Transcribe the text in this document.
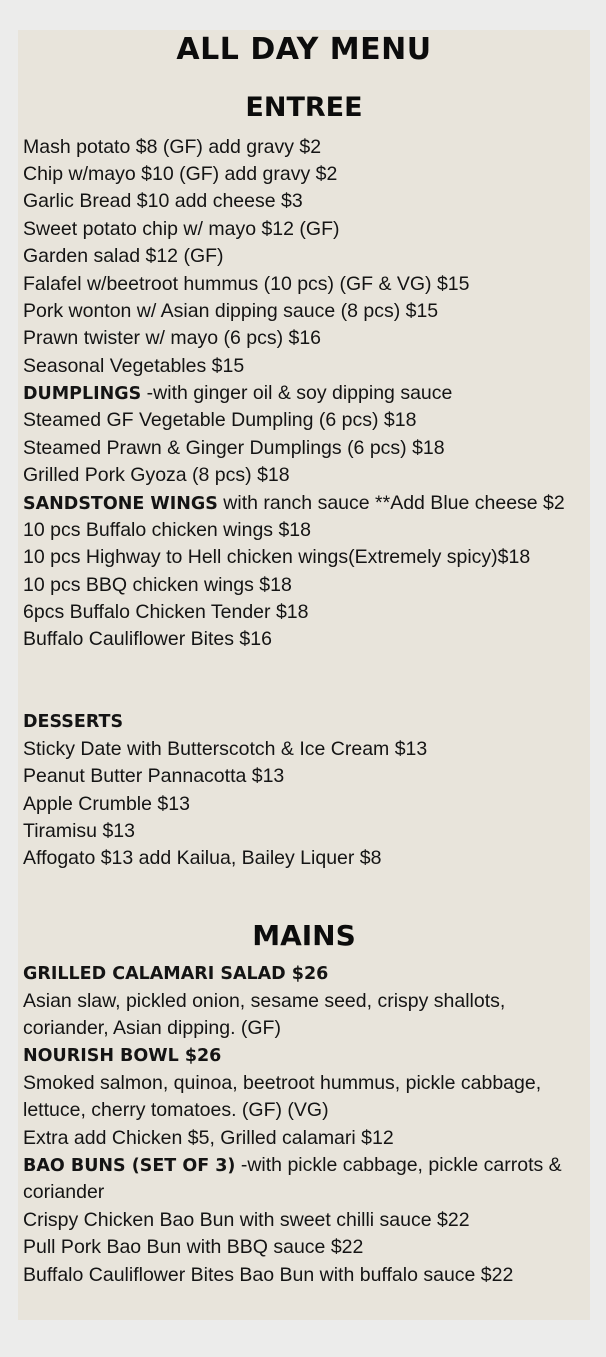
ALL DAY MENU
ENTREE
Mash potato $8 (GF) add gravy $2
Chip w/mayo $10 (GF) add gravy $2
Garlic Bread $10 add cheese $3
Sweet potato chip w/ mayo $12 (GF)
Garden salad $12 (GF)
Falafel w/beetroot hummus (10 pcs) (GF & VG) $15
Pork wonton w/ Asian dipping sauce (8 pcs) $15
Prawn twister w/ mayo (6 pcs) $16
Seasonal Vegetables $15
DUMPLINGS -with ginger oil & soy dipping sauce
Steamed GF Vegetable Dumpling (6 pcs) $18
Steamed Prawn & Ginger Dumplings (6 pcs) $18
Grilled Pork Gyoza (8 pcs) $18
SANDSTONE WINGS with ranch sauce **Add Blue cheese $2
10 pcs Buffalo chicken wings $18
10 pcs Highway to Hell chicken wings(Extremely spicy)$18
10 pcs BBQ chicken wings $18
6pcs Buffalo Chicken Tender $18
Buffalo Cauliflower Bites $16
DESSERTS
Sticky Date with Butterscotch & Ice Cream $13
Peanut Butter Pannacotta $13
Apple Crumble $13
Tiramisu $13
Affogato $13 add Kailua, Bailey Liquer $8
MAINS
GRILLED CALAMARI SALAD $26
Asian slaw, pickled onion, sesame seed, crispy shallots,
coriander, Asian dipping. (GF)
NOURISH BOWL $26
Smoked salmon, quinoa, beetroot hummus, pickle cabbage,
lettuce, cherry tomatoes. (GF) (VG)
Extra add Chicken $5, Grilled calamari $12
BAO BUNS (SET OF 3) -with pickle cabbage, pickle carrots &
coriander
Crispy Chicken Bao Bun with sweet chilli sauce $22
Pull Pork Bao Bun with BBQ sauce $22
Buffalo Cauliflower Bites Bao Bun with buffalo sauce $22
